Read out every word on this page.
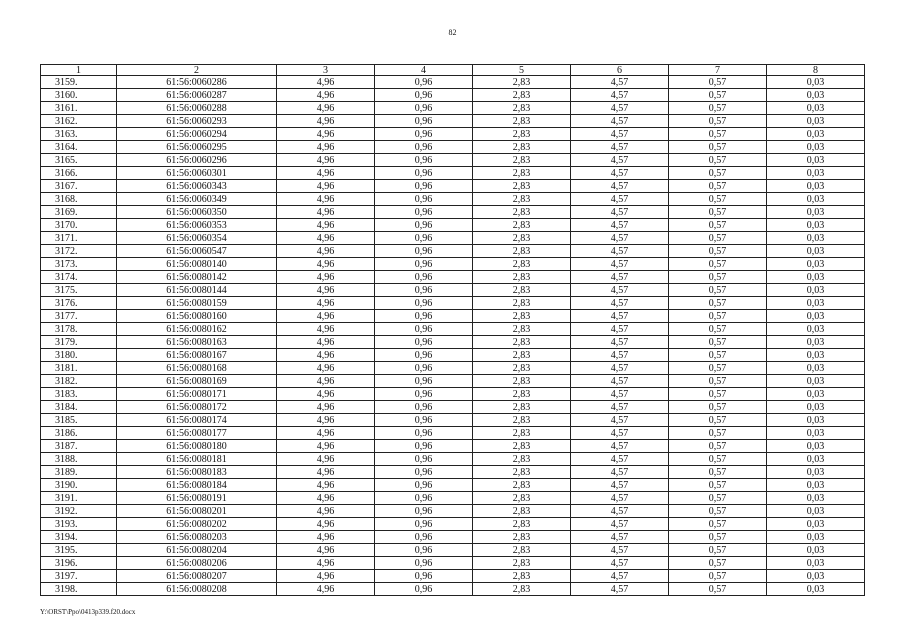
82
1	2	3	4	5	6	7	8
3159.	61:56:0060286	4,96	0,96	2,83	4,57	0,57	0,03
3160.	61:56:0060287	4,96	0,96	2,83	4,57	0,57	0,03
3161.	61:56:0060288	4,96	0,96	2,83	4,57	0,57	0,03
3162.	61:56:0060293	4,96	0,96	2,83	4,57	0,57	0,03
3163.	61:56:0060294	4,96	0,96	2,83	4,57	0,57	0,03
3164.	61:56:0060295	4,96	0,96	2,83	4,57	0,57	0,03
3165.	61:56:0060296	4,96	0,96	2,83	4,57	0,57	0,03
3166.	61:56:0060301	4,96	0,96	2,83	4,57	0,57	0,03
3167.	61:56:0060343	4,96	0,96	2,83	4,57	0,57	0,03
3168.	61:56:0060349	4,96	0,96	2,83	4,57	0,57	0,03
3169.	61:56:0060350	4,96	0,96	2,83	4,57	0,57	0,03
3170.	61:56:0060353	4,96	0,96	2,83	4,57	0,57	0,03
3171.	61:56:0060354	4,96	0,96	2,83	4,57	0,57	0,03
3172.	61:56:0060547	4,96	0,96	2,83	4,57	0,57	0,03
3173.	61:56:0080140	4,96	0,96	2,83	4,57	0,57	0,03
3174.	61:56:0080142	4,96	0,96	2,83	4,57	0,57	0,03
3175.	61:56:0080144	4,96	0,96	2,83	4,57	0,57	0,03
3176.	61:56:0080159	4,96	0,96	2,83	4,57	0,57	0,03
3177.	61:56:0080160	4,96	0,96	2,83	4,57	0,57	0,03
3178.	61:56:0080162	4,96	0,96	2,83	4,57	0,57	0,03
3179.	61:56:0080163	4,96	0,96	2,83	4,57	0,57	0,03
3180.	61:56:0080167	4,96	0,96	2,83	4,57	0,57	0,03
3181.	61:56:0080168	4,96	0,96	2,83	4,57	0,57	0,03
3182.	61:56:0080169	4,96	0,96	2,83	4,57	0,57	0,03
3183.	61:56:0080171	4,96	0,96	2,83	4,57	0,57	0,03
3184.	61:56:0080172	4,96	0,96	2,83	4,57	0,57	0,03
3185.	61:56:0080174	4,96	0,96	2,83	4,57	0,57	0,03
3186.	61:56:0080177	4,96	0,96	2,83	4,57	0,57	0,03
3187.	61:56:0080180	4,96	0,96	2,83	4,57	0,57	0,03
3188.	61:56:0080181	4,96	0,96	2,83	4,57	0,57	0,03
3189.	61:56:0080183	4,96	0,96	2,83	4,57	0,57	0,03
3190.	61:56:0080184	4,96	0,96	2,83	4,57	0,57	0,03
3191.	61:56:0080191	4,96	0,96	2,83	4,57	0,57	0,03
3192.	61:56:0080201	4,96	0,96	2,83	4,57	0,57	0,03
3193.	61:56:0080202	4,96	0,96	2,83	4,57	0,57	0,03
3194.	61:56:0080203	4,96	0,96	2,83	4,57	0,57	0,03
3195.	61:56:0080204	4,96	0,96	2,83	4,57	0,57	0,03
3196.	61:56:0080206	4,96	0,96	2,83	4,57	0,57	0,03
3197.	61:56:0080207	4,96	0,96	2,83	4,57	0,57	0,03
3198.	61:56:0080208	4,96	0,96	2,83	4,57	0,57	0,03
Y:\ORST\Ppo\0413p339.f20.docx
